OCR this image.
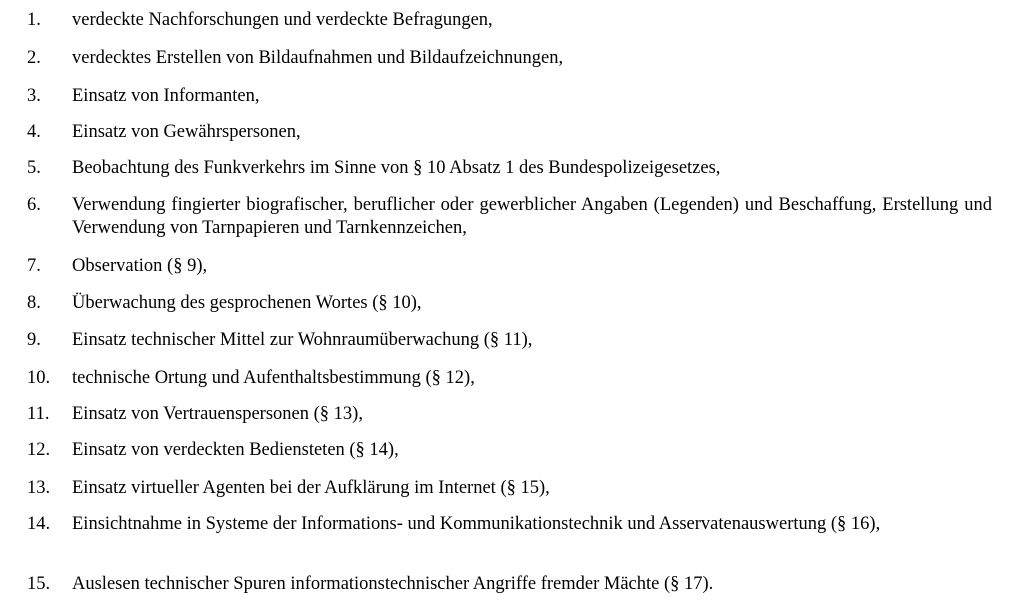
1. verdeckte Nachforschungen und verdeckte Befragungen,
2. verdecktes Erstellen von Bildaufnahmen und Bildaufzeichnungen,
3. Einsatz von Informanten,
4. Einsatz von Gewährspersonen,
5. Beobachtung des Funkverkehrs im Sinne von § 10 Absatz 1 des Bundespolizeigesetzes,
6. Verwendung fingierter biografischer, beruflicher oder gewerblicher Angaben (Legenden) und Beschaffung, Erstellung und Verwendung von Tarnpapieren und Tarnkennzeichen,
7. Observation (§ 9),
8. Überwachung des gesprochenen Wortes (§ 10),
9. Einsatz technischer Mittel zur Wohnraumüberwachung (§ 11),
10. technische Ortung und Aufenthaltsbestimmung (§ 12),
11. Einsatz von Vertrauenspersonen (§ 13),
12. Einsatz von verdeckten Bediensteten (§ 14),
13. Einsatz virtueller Agenten bei der Aufklärung im Internet (§ 15),
14. Einsichtnahme in Systeme der Informations- und Kommunikationstechnik und Asservatenauswertung (§ 16),
15. Auslesen technischer Spuren informationstechnischer Angriffe fremder Mächte (§ 17).
